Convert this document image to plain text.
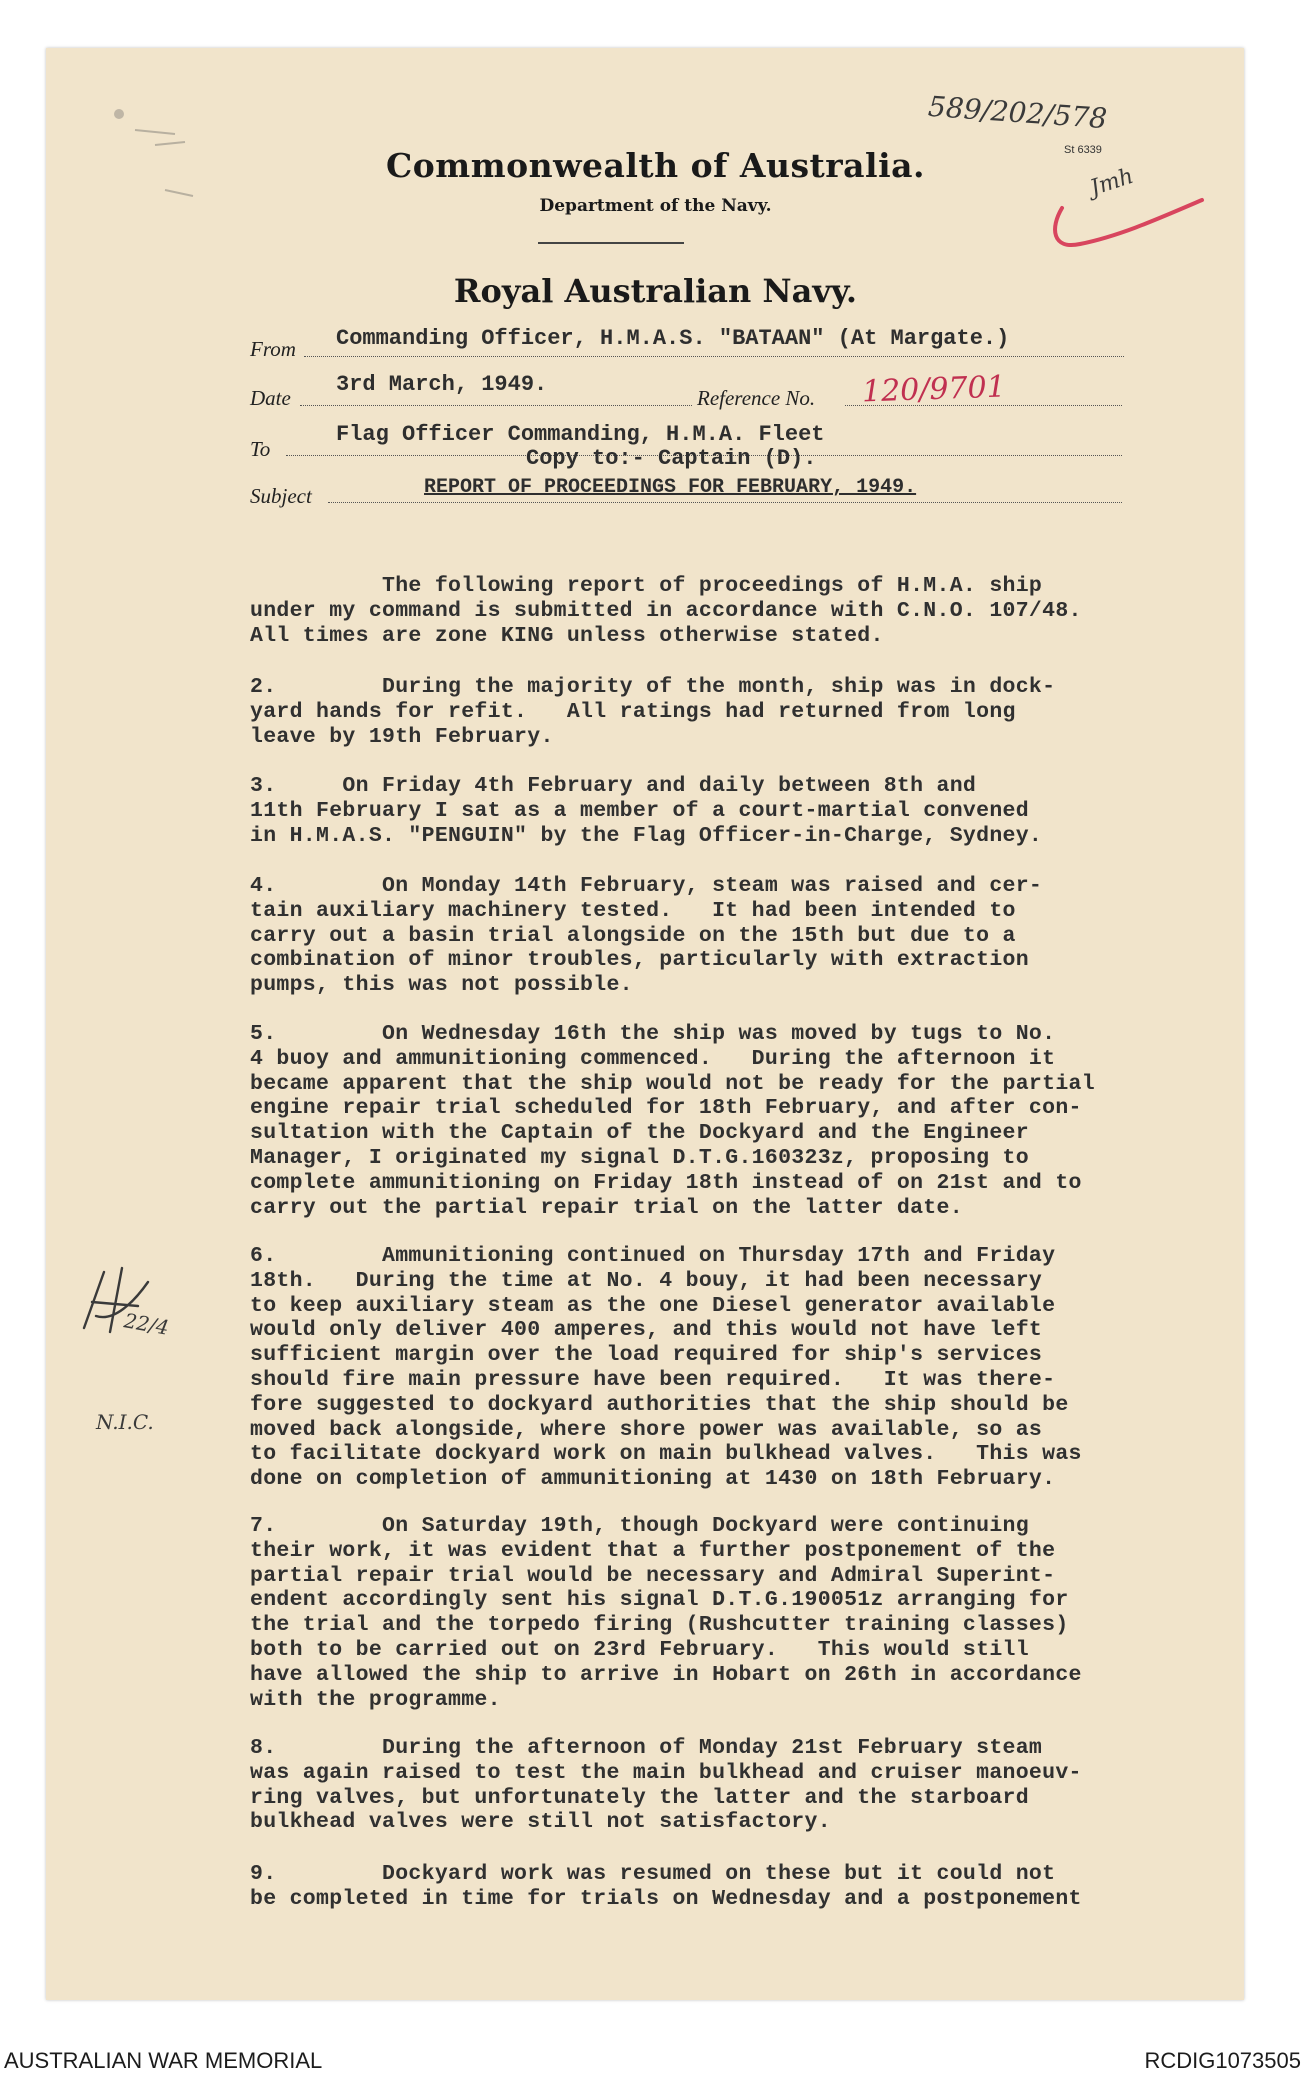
589/202/578
St 6339
Jmh
Commonwealth of Australia.
Department of the Navy.
Royal Australian Navy.
From Commanding Officer, H.M.A.S. "BATAAN" (At Margate.)
Date
3rd March, 1949.
Reference No. 120/9701
To
Flag Officer Commanding, H.M.A. Fleet
Copy to:- Captain (D).
Subject	REPORT OF PROCEEDINGS FOR FEBRUARY, 1949.
The following report of proceedings of H.M.A. ship
under my command is submitted in accordance with C.N.O. 107/48.
All times are zone KING unless otherwise stated.
2.        During the majority of the month, ship was in dock-
yard hands for refit.   All ratings had returned from long
leave by 19th February.
3.     On Friday 4th February and daily between 8th and
11th February I sat as a member of a court-martial convened
in H.M.A.S. "PENGUIN" by the Flag Officer-in-Charge, Sydney.
4.        On Monday 14th February, steam was raised and cer-
tain auxiliary machinery tested.   It had been intended to
carry out a basin trial alongside on the 15th but due to a
combination of minor troubles, particularly with extraction
pumps, this was not possible.
5.        On Wednesday 16th the ship was moved by tugs to No.
4 buoy and ammunitioning commenced.   During the afternoon it
became apparent that the ship would not be ready for the partial
engine repair trial scheduled for 18th February, and after con-
sultation with the Captain of the Dockyard and the Engineer
Manager, I originated my signal D.T.G.160323z, proposing to
complete ammunitioning on Friday 18th instead of on 21st and to
carry out the partial repair trial on the latter date.
6.        Ammunitioning continued on Thursday 17th and Friday
18th.   During the time at No. 4 bouy, it had been necessary
to keep auxiliary steam as the one Diesel generator available
would only deliver 400 amperes, and this would not have left
sufficient margin over the load required for ship's services
should fire main pressure have been required.   It was there-
fore suggested to dockyard authorities that the ship should be
moved back alongside, where shore power was available, so as
to facilitate dockyard work on main bulkhead valves.   This was
done on completion of ammunitioning at 1430 on 18th February.
7.        On Saturday 19th, though Dockyard were continuing
their work, it was evident that a further postponement of the
partial repair trial would be necessary and Admiral Superint-
endent accordingly sent his signal D.T.G.190051z arranging for
the trial and the torpedo firing (Rushcutter training classes)
both to be carried out on 23rd February.   This would still
have allowed the ship to arrive in Hobart on 26th in accordance
with the programme.
8.        During the afternoon of Monday 21st February steam
was again raised to test the main bulkhead and cruiser manoeuv-
ring valves, but unfortunately the latter and the starboard
bulkhead valves were still not satisfactory.
9.        Dockyard work was resumed on these but it could not
be completed in time for trials on Wednesday and a postponement
22/4
N.I.C.
AUSTRALIAN WAR MEMORIAL	RCDIG1073505
